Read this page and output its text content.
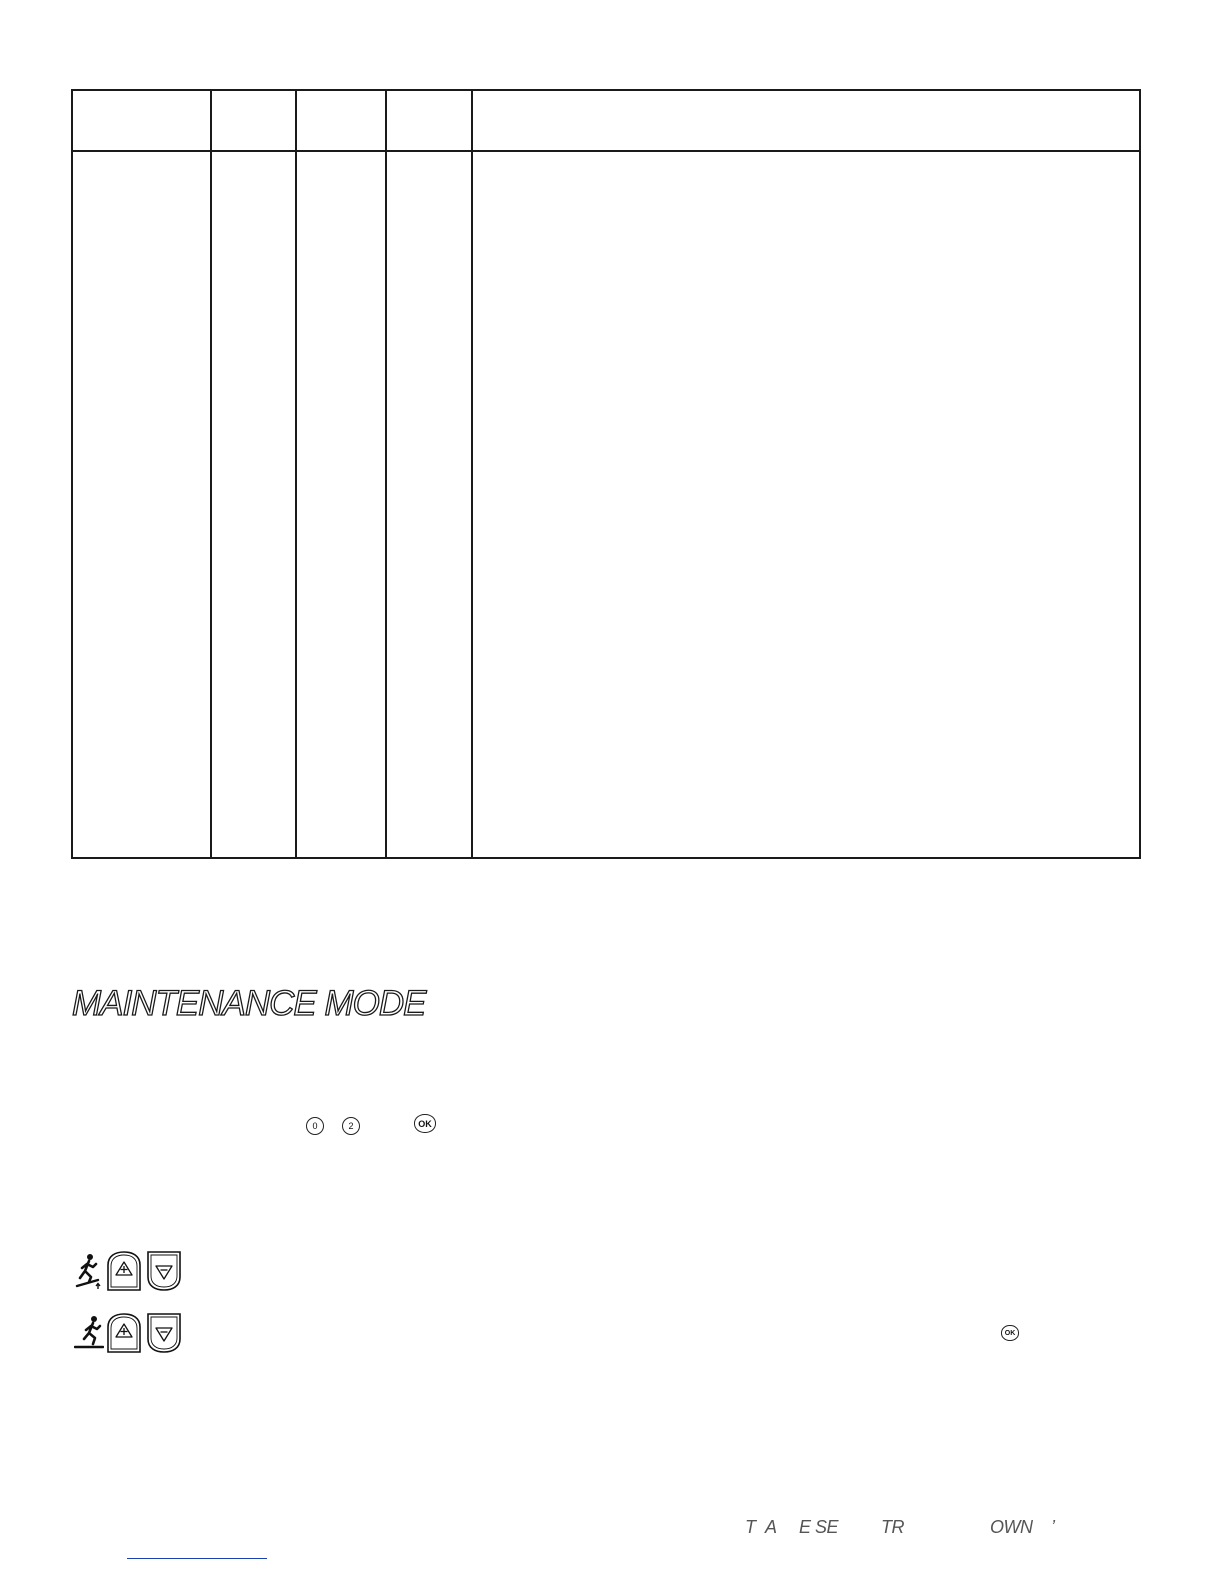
MAINTENANCE MODE
0	2	OK
OK
T A E SE TR	OWN ’
